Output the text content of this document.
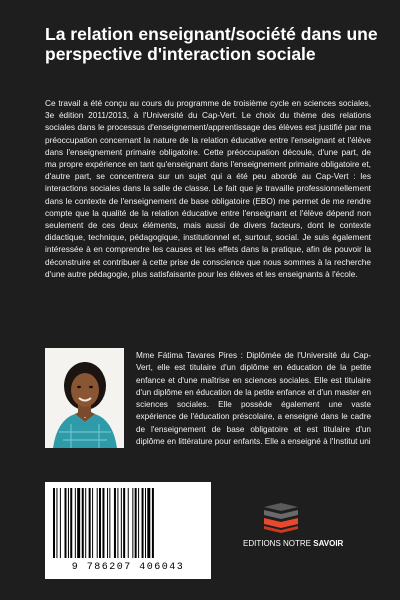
La relation enseignant/société dans une perspective d'interaction sociale

Ce travail a été conçu au cours du programme de troisième cycle en sciences sociales, 3e édition 2011/2013, à l'Université du Cap-Vert. Le choix du thème des relations sociales dans le processus d'enseignement/apprentissage des élèves est justifié par ma préoccupation concernant la nature de la relation éducative entre l'enseignant et l'élève dans l'enseignement primaire obligatoire. Cette préoccupation découle, d'une part, de ma propre expérience en tant qu'enseignant dans l'enseignement primaire obligatoire et, d'autre part, se concentrera sur un sujet qui a été peu abordé au Cap-Vert : les interactions sociales dans la salle de classe. Le fait que je travaille professionnellement dans le contexte de l'enseignement de base obligatoire (EBO) me permet de me rendre compte que la qualité de la relation éducative entre l'enseignant et l'élève dépend non seulement de ces deux éléments, mais aussi de divers facteurs, dont le contexte didactique, technique, pédagogique, institutionnel et, surtout, social. Je suis également intéressée à en comprendre les causes et les effets dans la pratique, afin de pouvoir la déconstruire et contribuer à cette prise de conscience que nous sommes à la recherche d'une autre pédagogie, plus satisfaisante pour les élèves et les enseignants à l'école.

Mme Fátima Tavares Pires : Diplômée de l'Université du Cap-Vert, elle est titulaire d'un diplôme en éducation de la petite enfance et d'une maîtrise en sciences sociales. Elle est titulaire d'un diplôme en éducation de la petite enfance et d'un master en sciences sociales. Elle possède également une vaste expérience de l'éducation préscolaire, a enseigné dans le cadre de l'enseignement de base obligatoire et est titulaire d'un diplôme en littérature pour enfants. Elle a enseigné à l'Institut uni

9 786207 406043
EDITIONS NOTRE SAVOIR
